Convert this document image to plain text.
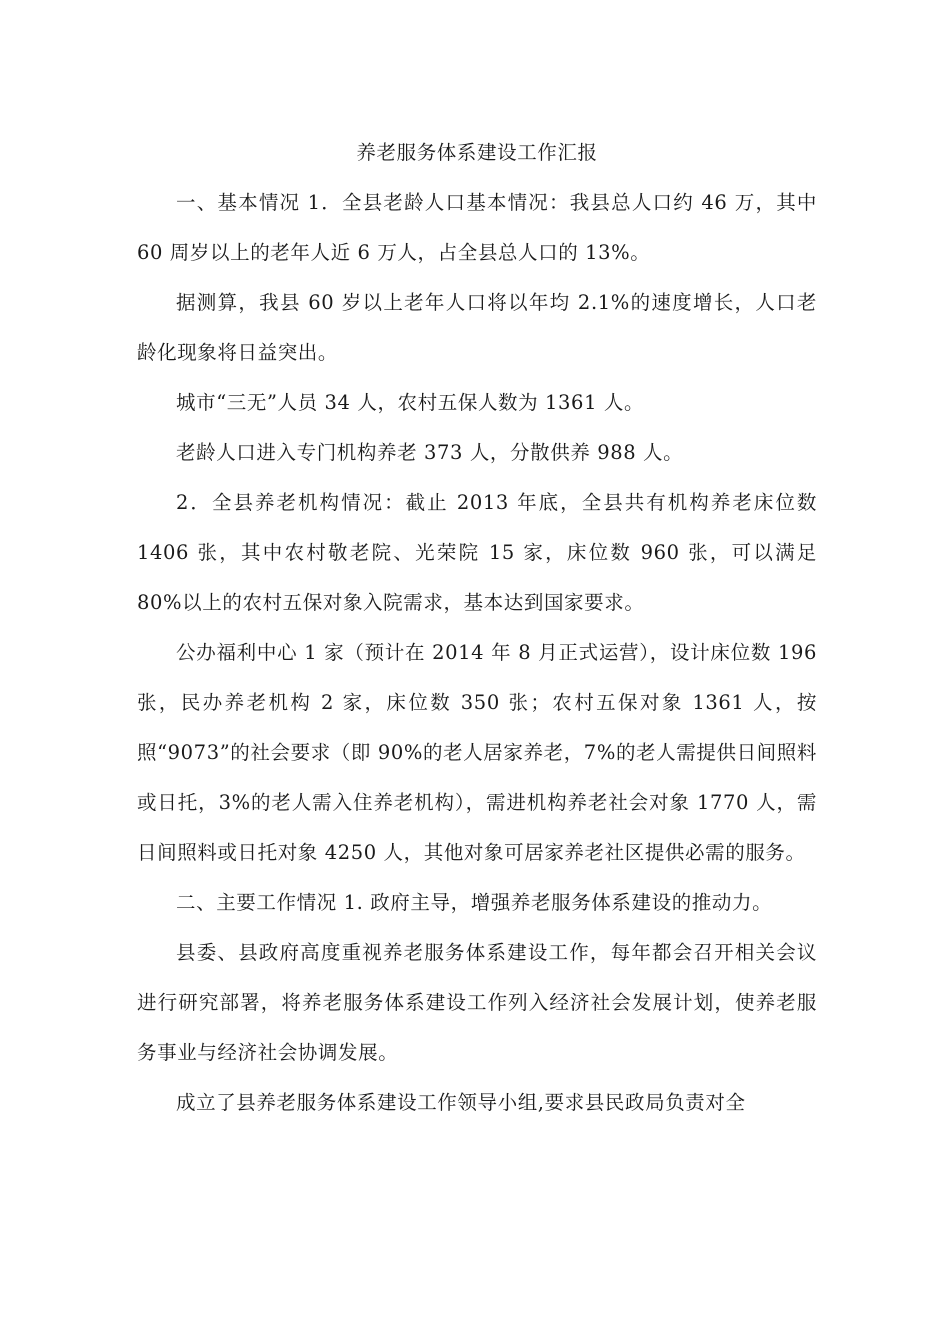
养老服务体系建设工作汇报

一、基本情况 1．全县老龄人口基本情况：我县总人口约 46 万，其中 60 周岁以上的老年人近 6 万人，占全县总人口的 13%。

据测算，我县 60 岁以上老年人口将以年均 2.1%的速度增长，人口老龄化现象将日益突出。

城市“三无”人员 34 人，农村五保人数为 1361 人。

老龄人口进入专门机构养老 373 人，分散供养 988 人。

2．全县养老机构情况：截止 2013 年底，全县共有机构养老床位数 1406 张，其中农村敬老院、光荣院 15 家，床位数 960 张，可以满足 80%以上的农村五保对象入院需求，基本达到国家要求。

公办福利中心 1 家（预计在 2014 年 8 月正式运营），设计床位数 196 张，民办养老机构 2 家，床位数 350 张；农村五保对象 1361 人，按照“9073”的社会要求（即 90%的老人居家养老，7%的老人需提供日间照料或日托，3%的老人需入住养老机构），需进机构养老社会对象 1770 人，需日间照料或日托对象 4250 人，其他对象可居家养老社区提供必需的服务。

二、主要工作情况 1. 政府主导，增强养老服务体系建设的推动力。

县委、县政府高度重视养老服务体系建设工作，每年都会召开相关会议进行研究部署，将养老服务体系建设工作列入经济社会发展计划，使养老服务事业与经济社会协调发展。

成立了县养老服务体系建设工作领导小组,要求县民政局负责对全
